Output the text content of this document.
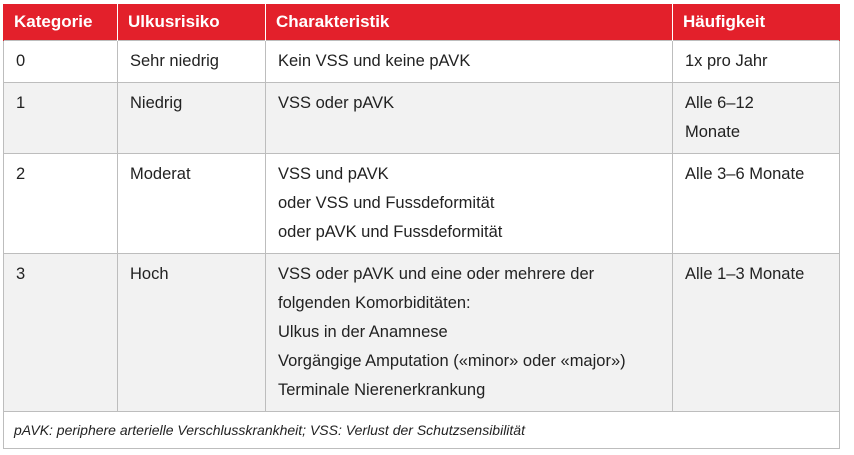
Kategorie	Ulkusrisiko	Charakteristik	Häufigkeit
0	Sehr niedrig	Kein VSS und keine pAVK	1x pro Jahr

1	Niedrig	VSS oder pAVK	Alle 6–12
Monate

2	Moderat	VSS und pAVK
oder VSS und Fussdeformität
oder pAVK und Fussdeformität	Alle 3–6 Monate

3	Hoch	VSS oder pAVK und eine oder mehrere der
folgenden Komorbiditäten:
Ulkus in der Anamnese
Vorgängige Amputation («minor» oder «major»)
Terminale Nierenerkrankung	Alle 1–3 Monate

pAVK: periphere arterielle Verschlusskrankheit; VSS: Verlust der Schutzsensibilität			
